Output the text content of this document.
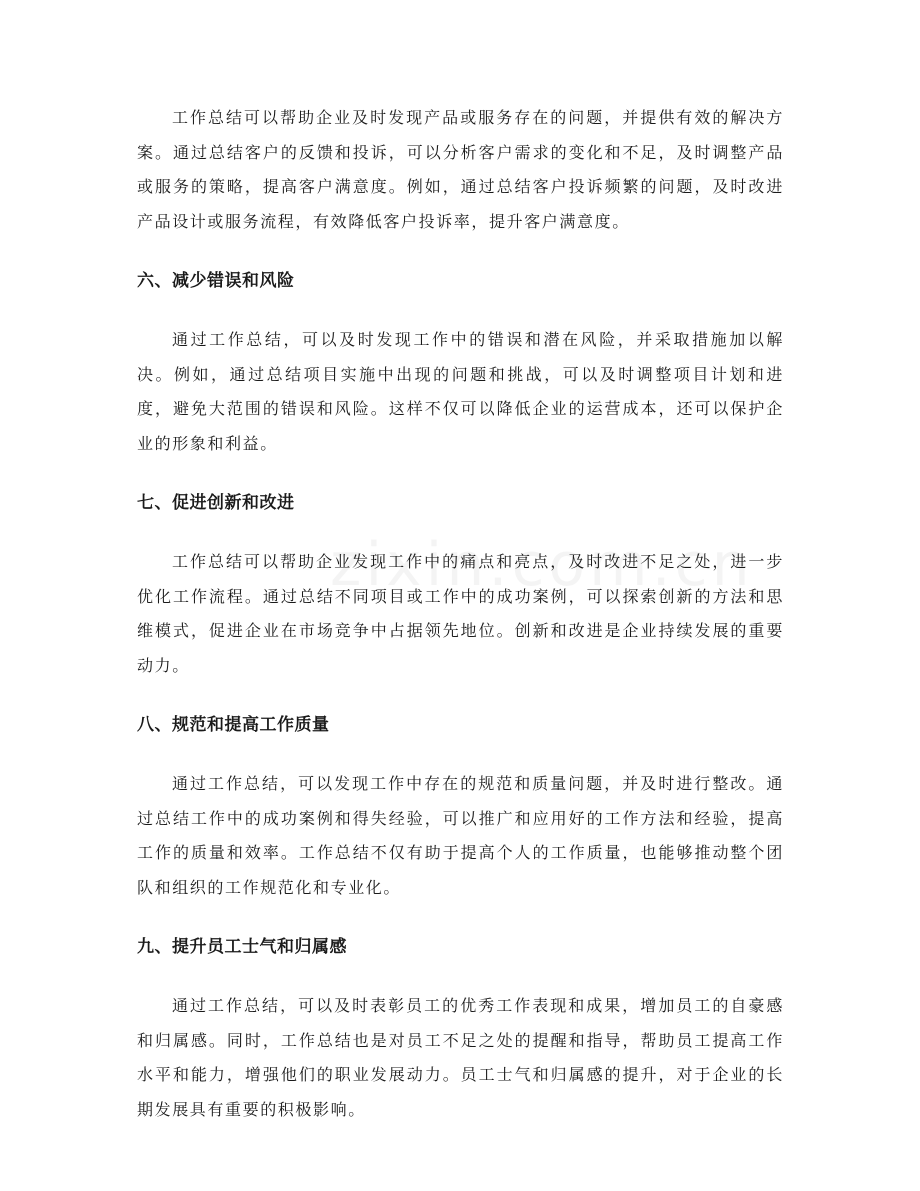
工作总结可以帮助企业及时发现产品或服务存在的问题，并提供有效的解决方案。通过总结客户的反馈和投诉，可以分析客户需求的变化和不足，及时调整产品或服务的策略，提高客户满意度。例如，通过总结客户投诉频繁的问题，及时改进产品设计或服务流程，有效降低客户投诉率，提升客户满意度。

六、减少错误和风险

通过工作总结，可以及时发现工作中的错误和潜在风险，并采取措施加以解决。例如，通过总结项目实施中出现的问题和挑战，可以及时调整项目计划和进度，避免大范围的错误和风险。这样不仅可以降低企业的运营成本，还可以保护企业的形象和利益。

七、促进创新和改进

工作总结可以帮助企业发现工作中的痛点和亮点，及时改进不足之处，进一步优化工作流程。通过总结不同项目或工作中的成功案例，可以探索创新的方法和思维模式，促进企业在市场竞争中占据领先地位。创新和改进是企业持续发展的重要动力。

八、规范和提高工作质量

通过工作总结，可以发现工作中存在的规范和质量问题，并及时进行整改。通过总结工作中的成功案例和得失经验，可以推广和应用好的工作方法和经验，提高工作的质量和效率。工作总结不仅有助于提高个人的工作质量，也能够推动整个团队和组织的工作规范化和专业化。

九、提升员工士气和归属感

通过工作总结，可以及时表彰员工的优秀工作表现和成果，增加员工的自豪感和归属感。同时，工作总结也是对员工不足之处的提醒和指导，帮助员工提高工作水平和能力，增强他们的职业发展动力。员工士气和归属感的提升，对于企业的长期发展具有重要的积极影响。
